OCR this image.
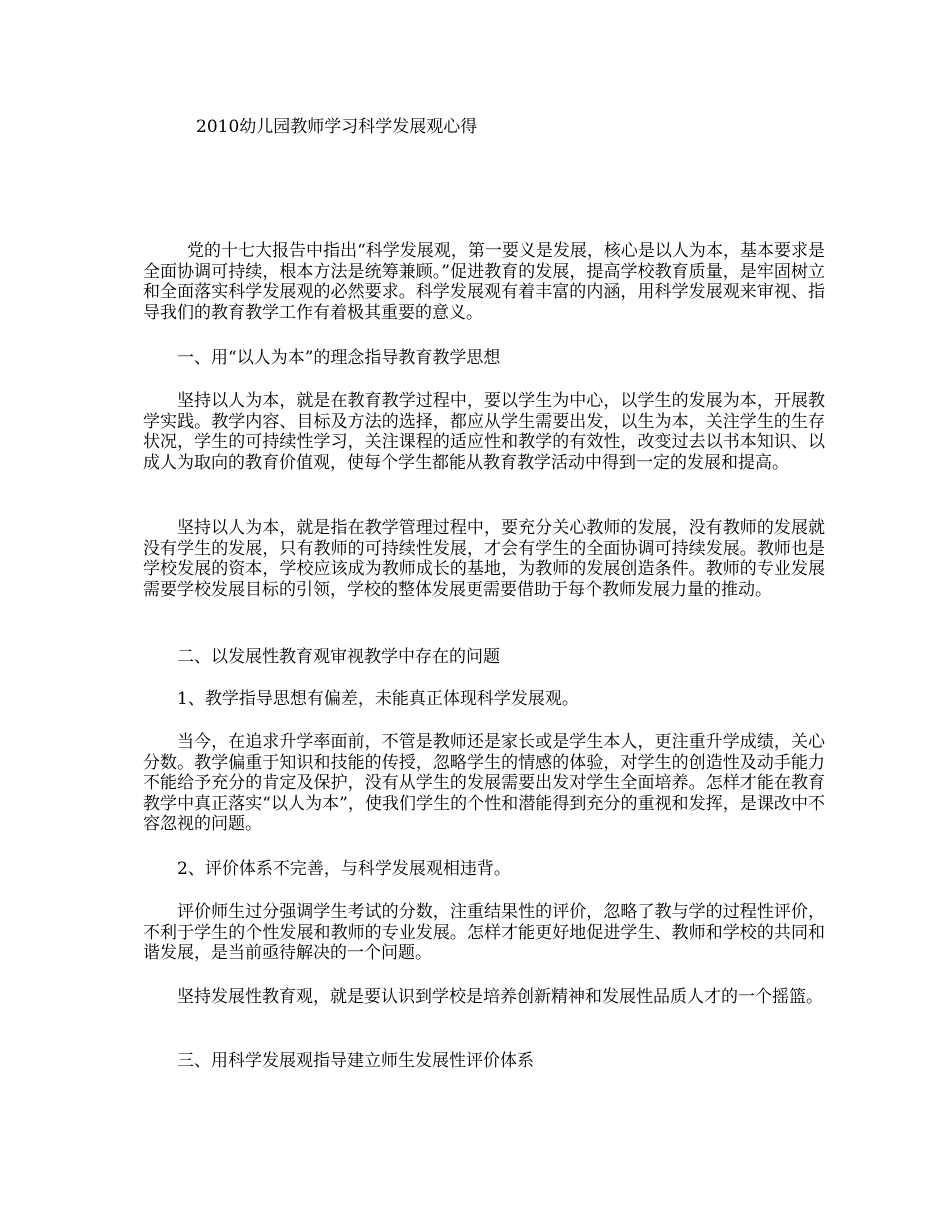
2010幼儿园教师学习科学发展观心得

党的十七大报告中指出“科学发展观，第一要义是发展，核心是以人为本，基本要求是全面协调可持续，根本方法是统筹兼顾。”促进教育的发展，提高学校教育质量，是牢固树立和全面落实科学发展观的必然要求。科学发展观有着丰富的内涵，用科学发展观来审视、指导我们的教育教学工作有着极其重要的意义。

一、用“以人为本”的理念指导教育教学思想

坚持以人为本，就是在教育教学过程中，要以学生为中心，以学生的发展为本，开展教学实践。教学内容、目标及方法的选择，都应从学生需要出发，以生为本，关注学生的生存状况，学生的可持续性学习，关注课程的适应性和教学的有效性，改变过去以书本知识、以成人为取向的教育价值观，使每个学生都能从教育教学活动中得到一定的发展和提高。

坚持以人为本，就是指在教学管理过程中，要充分关心教师的发展，没有教师的发展就没有学生的发展，只有教师的可持续性发展，才会有学生的全面协调可持续发展。教师也是学校发展的资本，学校应该成为教师成长的基地，为教师的发展创造条件。教师的专业发展需要学校发展目标的引领，学校的整体发展更需要借助于每个教师发展力量的推动。

二、以发展性教育观审视教学中存在的问题

1、教学指导思想有偏差，未能真正体现科学发展观。

当今，在追求升学率面前，不管是教师还是家长或是学生本人，更注重升学成绩，关心分数。教学偏重于知识和技能的传授，忽略学生的情感的体验，对学生的创造性及动手能力不能给予充分的肯定及保护，没有从学生的发展需要出发对学生全面培养。怎样才能在教育教学中真正落实“以人为本”，使我们学生的个性和潜能得到充分的重视和发挥，是课改中不容忽视的问题。

2、评价体系不完善，与科学发展观相违背。

评价师生过分强调学生考试的分数，注重结果性的评价，忽略了教与学的过程性评价，不利于学生的个性发展和教师的专业发展。怎样才能更好地促进学生、教师和学校的共同和谐发展，是当前亟待解决的一个问题。

坚持发展性教育观，就是要认识到学校是培养创新精神和发展性品质人才的一个摇篮。

三、用科学发展观指导建立师生发展性评价体系
